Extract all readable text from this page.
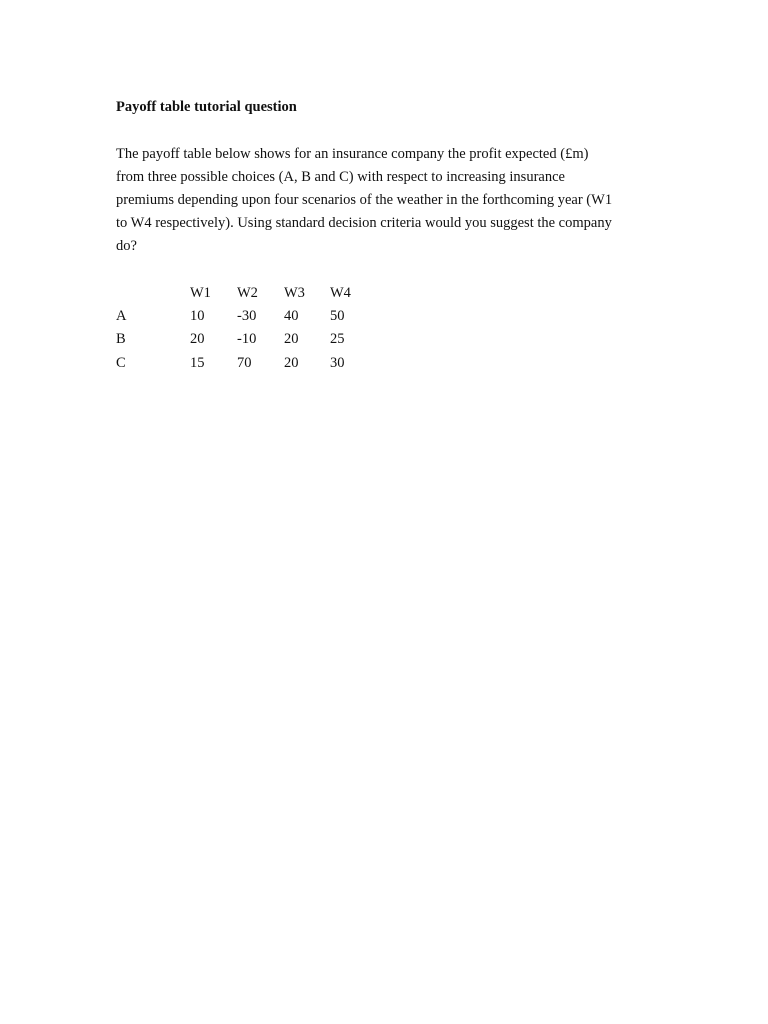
Payoff table tutorial question
The payoff table below shows for an insurance company the profit expected (£m)
from three possible choices (A, B and C) with respect to increasing insurance
premiums depending upon four scenarios of the weather in the forthcoming year (W1
to W4 respectively). Using standard decision criteria would you suggest the company
do?
W1 W2 W3 W4
A	10 -30 40 50
B	20 -10 20 25
C	15 70 20 30
